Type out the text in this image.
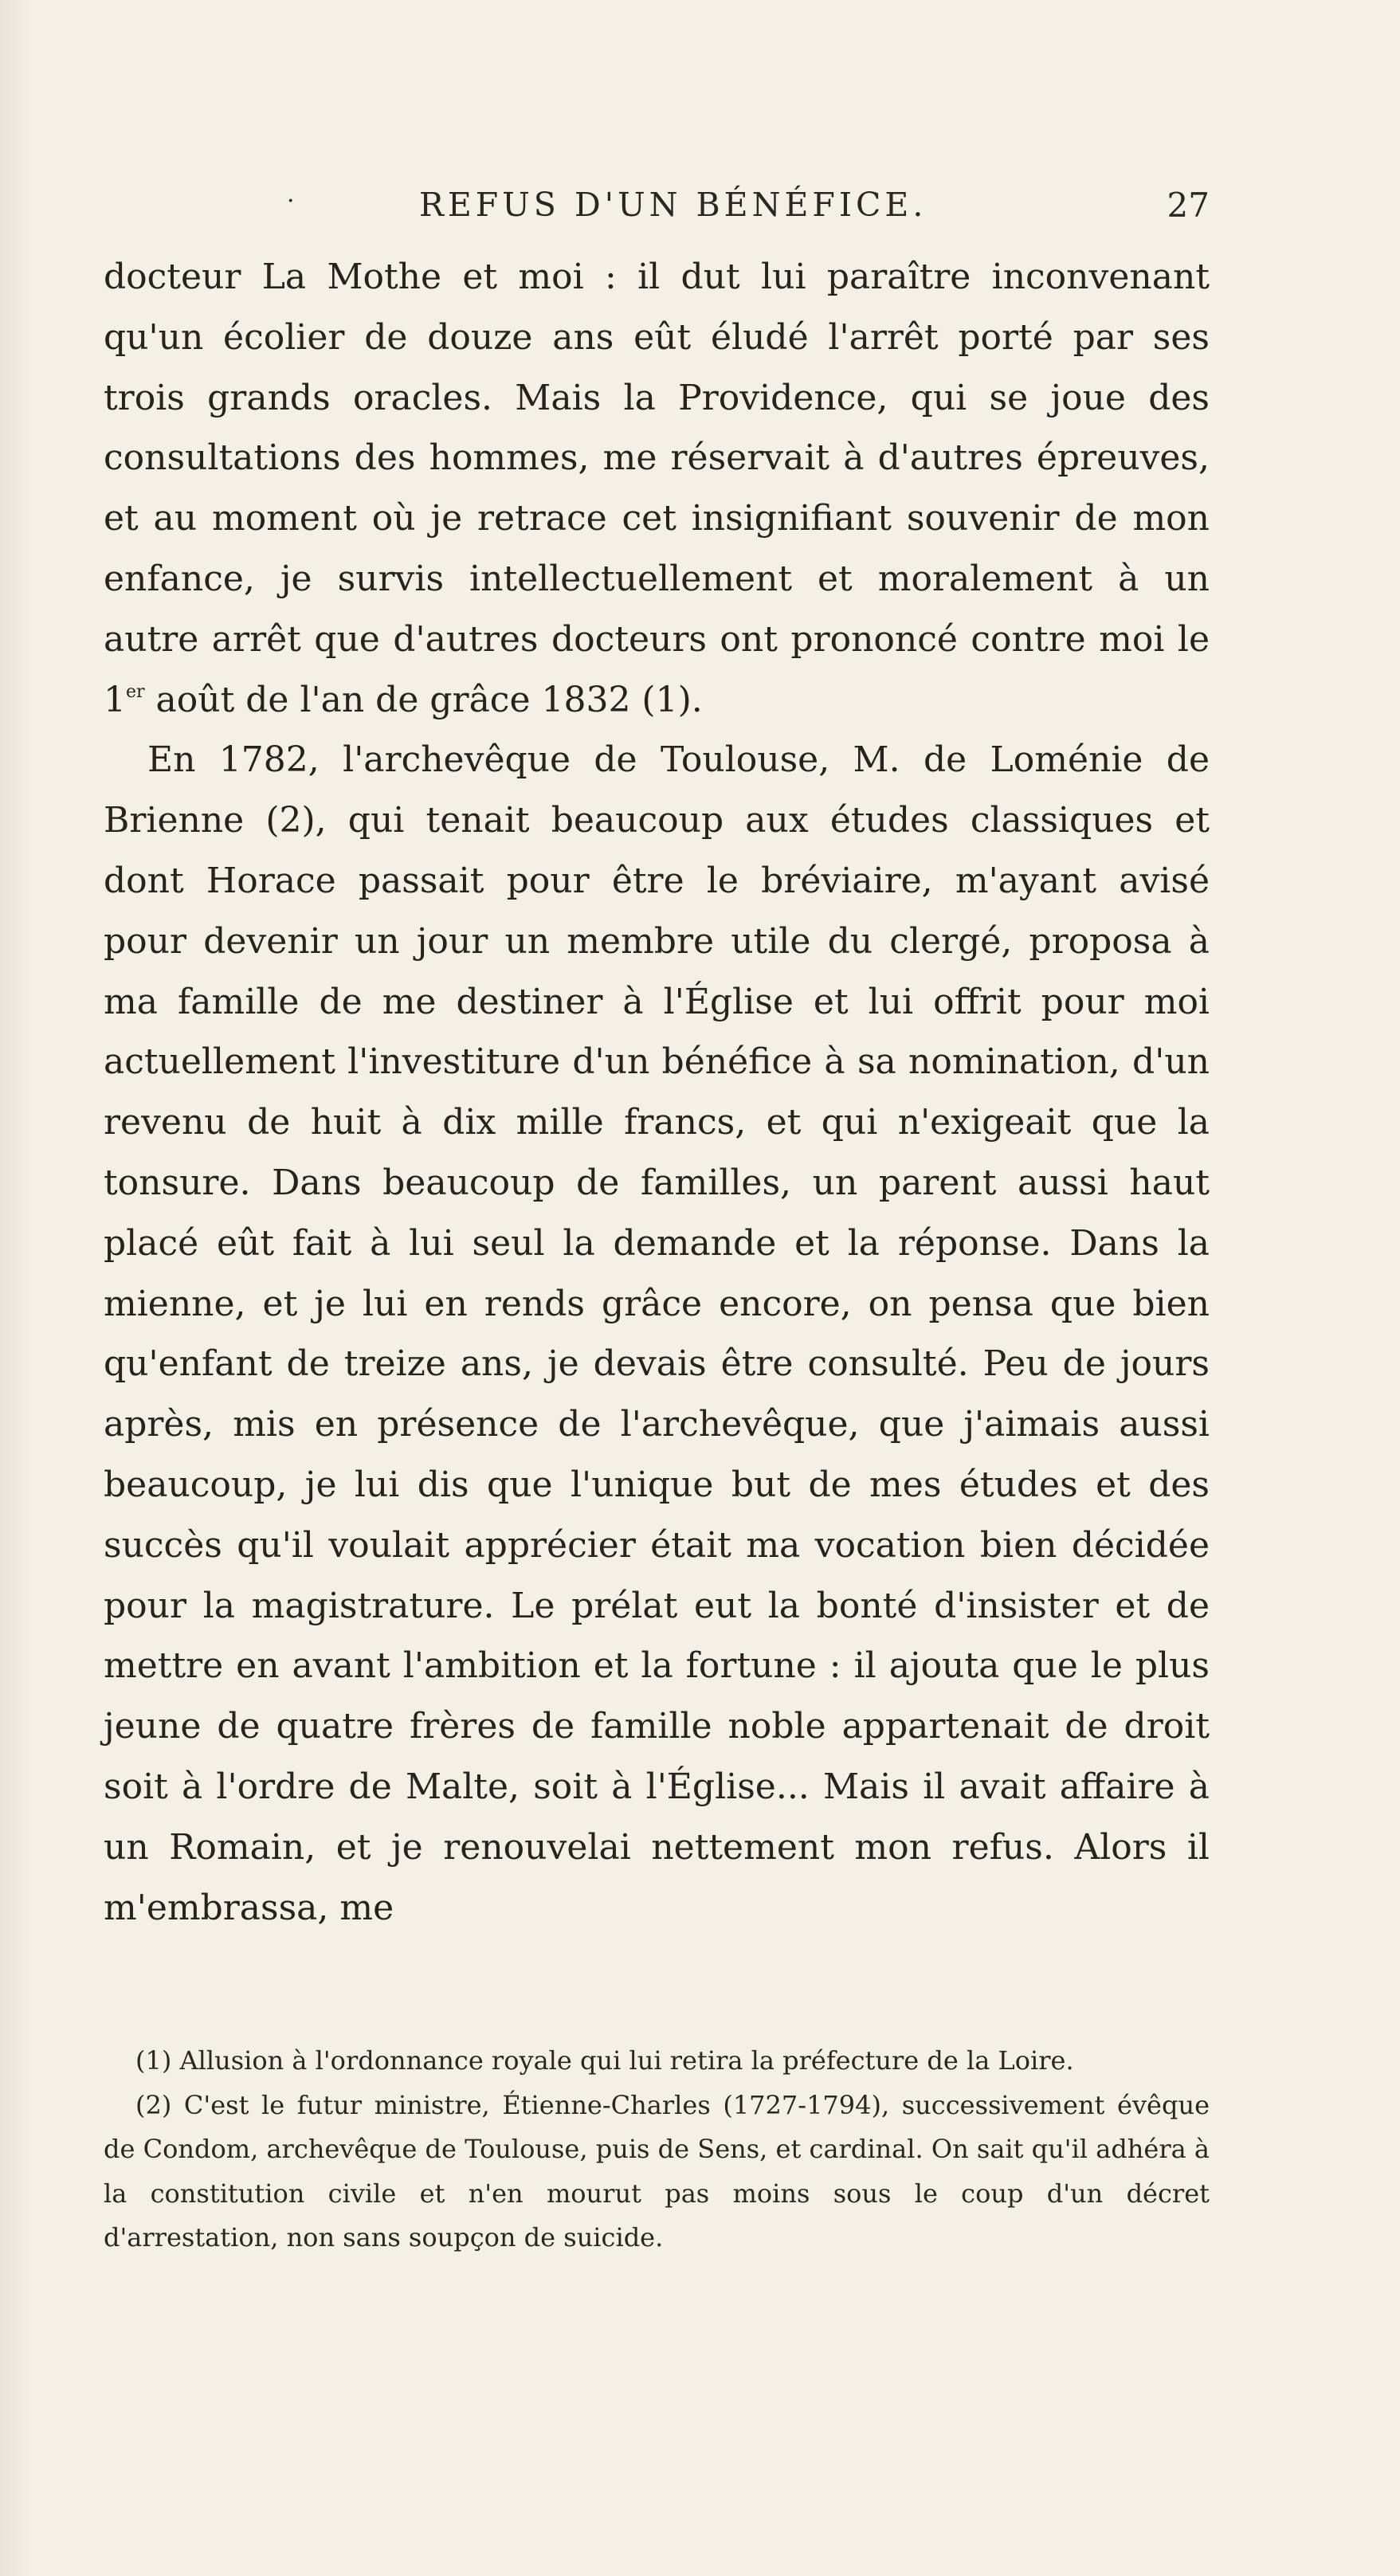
·	REFUS D'UN BÉNÉFICE.	27

docteur La Mothe et moi : il dut lui paraître inconvenant qu'un écolier de douze ans eût éludé l'arrêt porté par ses trois grands oracles. Mais la Providence, qui se joue des consultations des hommes, me réservait à d'autres épreuves, et au moment où je retrace cet insignifiant souvenir de mon enfance, je survis intellectuellement et moralement à un autre arrêt que d'autres docteurs ont prononcé contre moi le 1er août de l'an de grâce 1832 (1).

En 1782, l'archevêque de Toulouse, M. de Loménie de Brienne (2), qui tenait beaucoup aux études classiques et dont Horace passait pour être le bréviaire, m'ayant avisé pour devenir un jour un membre utile du clergé, proposa à ma famille de me destiner à l'Église et lui offrit pour moi actuellement l'investiture d'un bénéfice à sa nomination, d'un revenu de huit à dix mille francs, et qui n'exigeait que la tonsure. Dans beaucoup de familles, un parent aussi haut placé eût fait à lui seul la demande et la réponse. Dans la mienne, et je lui en rends grâce encore, on pensa que bien qu'enfant de treize ans, je devais être consulté. Peu de jours après, mis en présence de l'archevêque, que j'aimais aussi beaucoup, je lui dis que l'unique but de mes études et des succès qu'il voulait apprécier était ma vocation bien décidée pour la magistrature. Le prélat eut la bonté d'insister et de mettre en avant l'ambition et la fortune : il ajouta que le plus jeune de quatre frères de famille noble appartenait de droit soit à l'ordre de Malte, soit à l'Église... Mais il avait affaire à un Romain, et je renouvelai nettement mon refus. Alors il m'embrassa, me

(1) Allusion à l'ordonnance royale qui lui retira la préfecture de la Loire.

(2) C'est le futur ministre, Étienne-Charles (1727-1794), successivement évêque de Condom, archevêque de Toulouse, puis de Sens, et cardinal. On sait qu'il adhéra à la constitution civile et n'en mourut pas moins sous le coup d'un décret d'arrestation, non sans soupçon de suicide.
